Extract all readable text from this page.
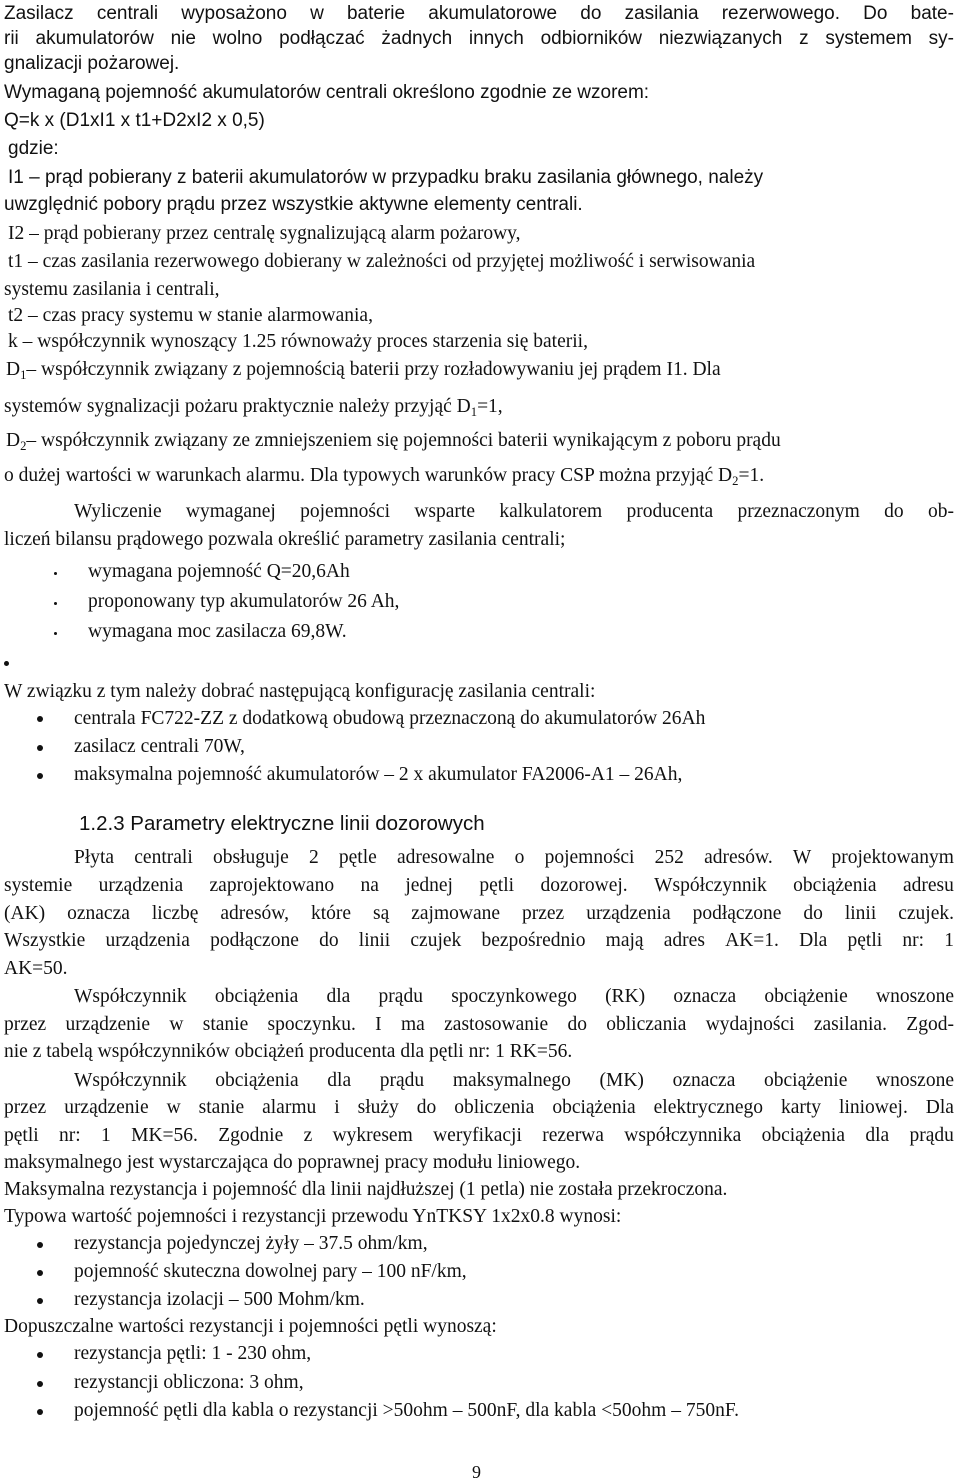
Zasilacz centrali wyposażono w baterie akumulatorowe do zasilania rezerwowego. Do bate-
rii akumulatorów nie wolno podłączać żadnych innych odbiorników niezwiązanych z systemem sy-
gnalizacji pożarowej.
Wymaganą pojemność akumulatorów centrali określono zgodnie ze wzorem:
Q=k x (D1xI1 x t1+D2xI2 x 0,5)
gdzie:
I1 – prąd pobierany z baterii akumulatorów w przypadku braku zasilania głównego, należy
uwzględnić pobory prądu przez wszystkie aktywne elementy centrali.
I2 – prąd pobierany przez centralę sygnalizującą alarm pożarowy,
t1 – czas zasilania rezerwowego dobierany w zależności od przyjętej możliwość i serwisowania
systemu zasilania i centrali,
t2 – czas pracy systemu w stanie alarmowania,
k – współczynnik wynoszący 1.25 równoważy proces starzenia się baterii,
$D_1-$ współczynnik związany z pojemnością baterii przy rozładowywaniu jej prądem I1. Dla
systemów sygnalizacji pożaru praktycznie należy przyjąć $D_1=1$,
$D_2-$ współczynnik związany ze zmniejszeniem się pojemności baterii wynikającym z poboru prądu
o dużej wartości w warunkach alarmu. Dla typowych warunków pracy CSP można przyjąć $D_2=1$.
Wyliczenie wymaganej pojemności wsparte kalkulatorem producenta przeznaczonym do ob-
liczeń bilansu prądowego pozwala określić parametry zasilania centrali;
wymagana pojemność Q=20,6Ah
proponowany typ akumulatorów 26 Ah,
wymagana moc zasilacza 69,8W.
W związku z tym należy dobrać następującą konfigurację zasilania centrali:
centrala FC722-ZZ z dodatkową obudową przeznaczoną do akumulatorów 26Ah
zasilacz centrali 70W,
maksymalna pojemność akumulatorów – 2 x akumulator FA2006-A1 – 26Ah,
1.2.3 Parametry elektryczne linii dozorowych
Płyta centrali obsługuje 2 pętle adresowalne o pojemności 252 adresów. W projektowanym
systemie urządzenia zaprojektowano na jednej pętli dozorowej. Współczynnik obciążenia adresu
(AK) oznacza liczbę adresów, które są zajmowane przez urządzenia podłączone do linii czujek.
Wszystkie urządzenia podłączone do linii czujek bezpośrednio mają adres AK=1. Dla pętli nr: 1
AK=50.
Współczynnik obciążenia dla prądu spoczynkowego (RK) oznacza obciążenie wnoszone
przez urządzenie w stanie spoczynku. I ma zastosowanie do obliczania wydajności zasilania. Zgod-
nie z tabelą współczynników obciążeń producenta dla pętli nr: 1 RK=56.
Współczynnik obciążenia dla prądu maksymalnego (MK) oznacza obciążenie wnoszone
przez urządzenie w stanie alarmu i służy do obliczenia obciążenia elektrycznego karty liniowej. Dla
pętli nr: 1 MK=56. Zgodnie z wykresem weryfikacji rezerwa współczynnika obciążenia dla prądu
maksymalnego jest wystarczająca do poprawnej pracy modułu liniowego.
Maksymalna rezystancja i pojemność dla linii najdłuższej (1 petla) nie została przekroczona.
Typowa wartość pojemności i rezystancji przewodu YnTKSY 1x2x0.8 wynosi:
rezystancja pojedynczej żyły – 37.5 ohm/km,
pojemność skuteczna dowolnej pary – 100 nF/km,
rezystancja izolacji – 500 Mohm/km.
Dopuszczalne wartości rezystancji i pojemności pętli wynoszą:
rezystancja pętli: 1 - 230 ohm,
rezystancji obliczona: 3 ohm,
pojemność pętli dla kabla o rezystancji >50ohm – 500nF, dla kabla <50ohm – 750nF.
9
